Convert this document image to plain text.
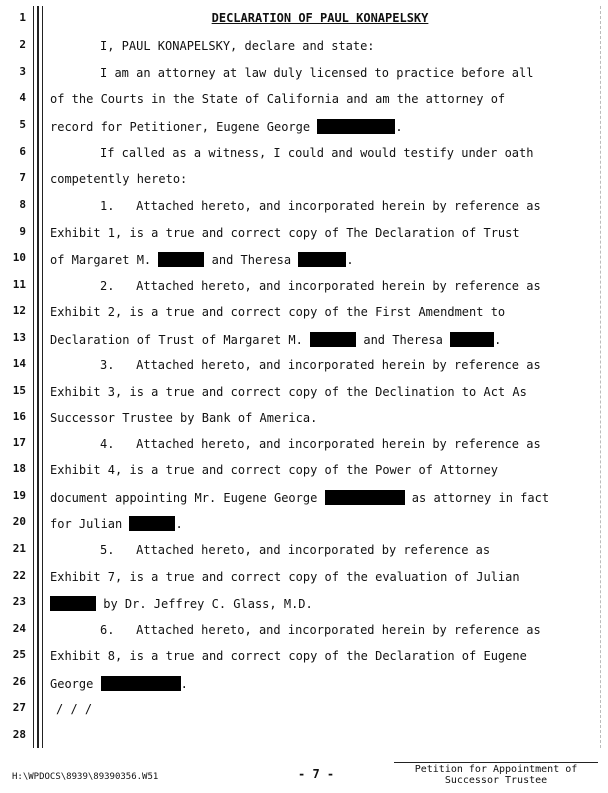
1
2
3
4
5
6
7
8
9
10
11
12
13
14
15
16
17
18
19
20
21
22
23
24
25
26
27
28
DECLARATION OF PAUL KONAPELSKY
I, PAUL KONAPELSKY, declare and state:
I am an attorney at law duly licensed to practice before all
of the Courts in the State of California and am the attorney of
record for Petitioner, Eugene George	.
If called as a witness, I could and would testify under oath
competently hereto:
1.   Attached hereto, and incorporated herein by reference as
Exhibit 1, is a true and correct copy of The Declaration of Trust
of Margaret M.	and Theresa	.
2.   Attached hereto, and incorporated herein by reference as
Exhibit 2, is a true and correct copy of the First Amendment to
Declaration of Trust of Margaret M.	and Theresa	.
3.   Attached hereto, and incorporated herein by reference as
Exhibit 3, is a true and correct copy of the Declination to Act As
Successor Trustee by Bank of America.
4.   Attached hereto, and incorporated herein by reference as
Exhibit 4, is a true and correct copy of the Power of Attorney
document appointing Mr. Eugene George	as attorney in fact
for Julian	.
5.   Attached hereto, and incorporated by reference as
Exhibit 7, is a true and correct copy of the evaluation of Julian
by Dr. Jeffrey C. Glass, M.D.
6.   Attached hereto, and incorporated herein by reference as
Exhibit 8, is a true and correct copy of the Declaration of Eugene
George	.
/ / /
H:\WPDOCS\8939\89390356.W51	- 7 -	Petition for Appointment of
Successor Trustee
